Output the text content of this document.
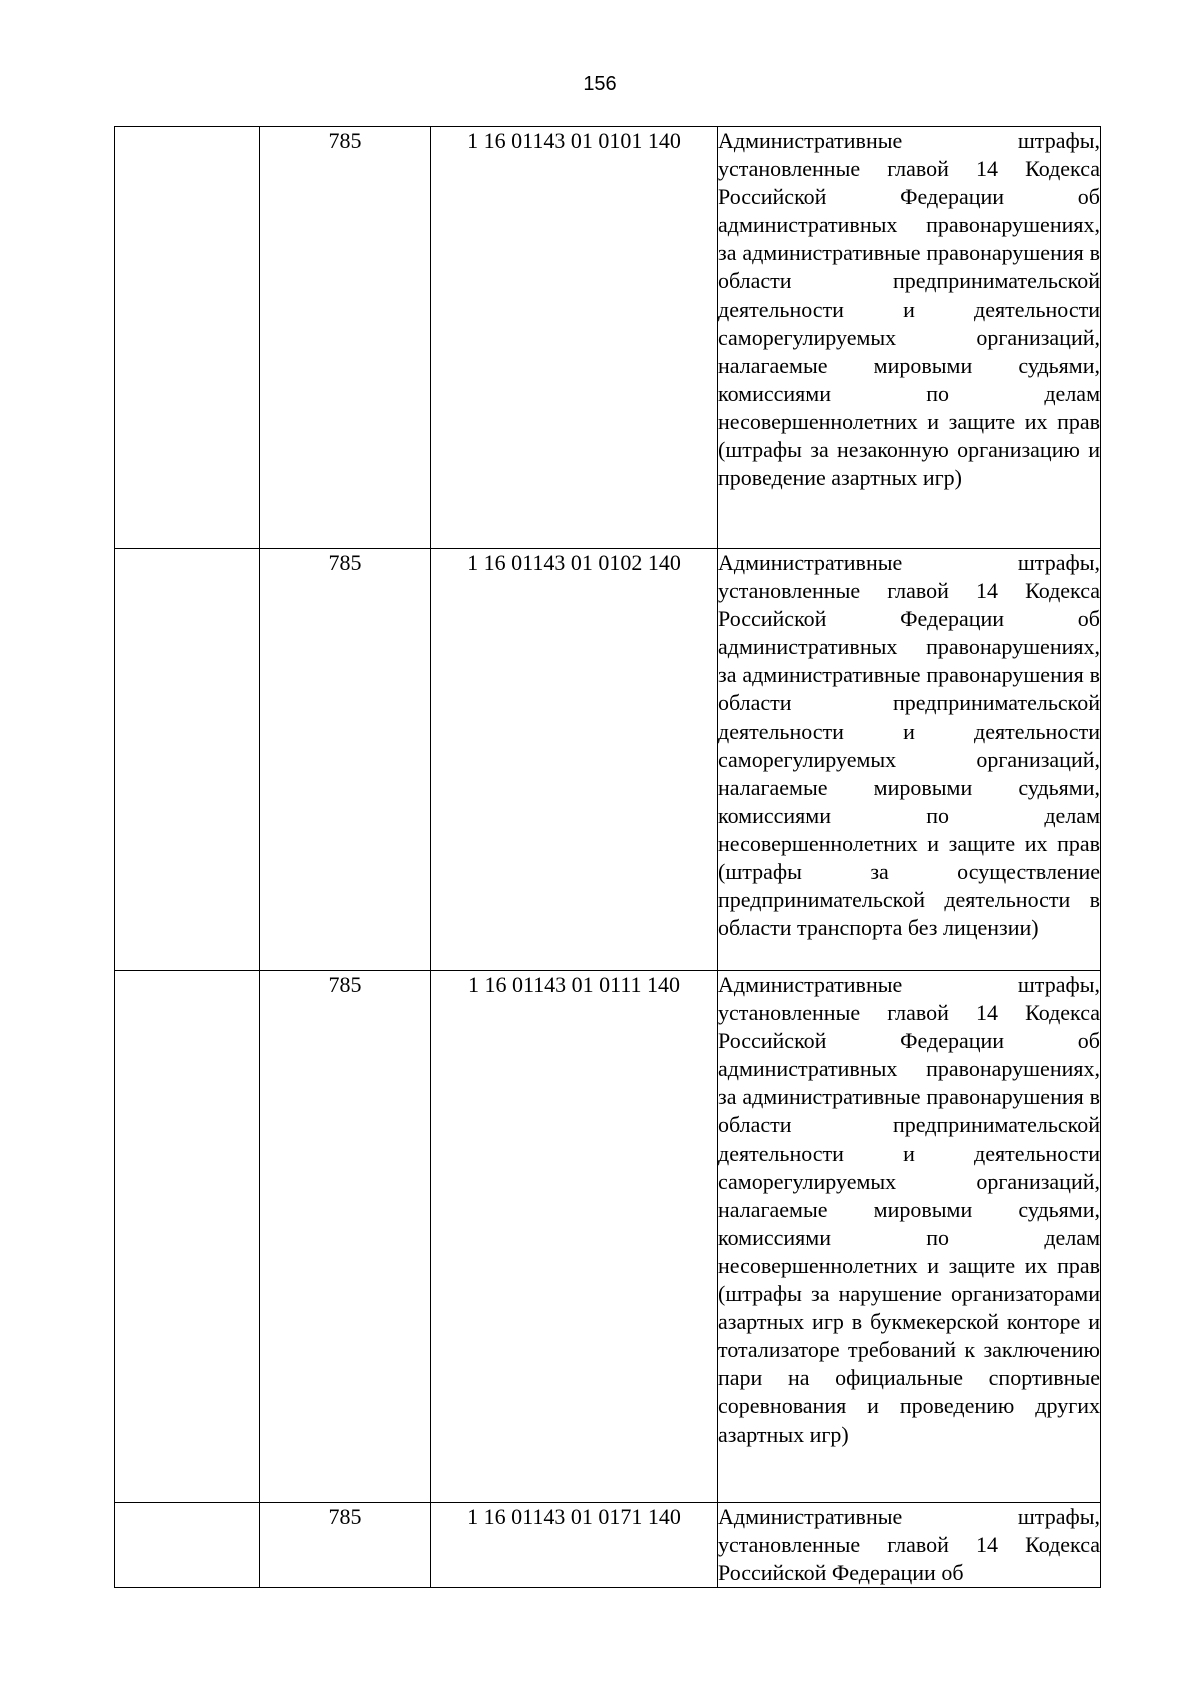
156
	785	1 16 01143 01 0101 140	Административные штрафы, установленные главой 14 Кодекса Российской Федерации об административных правонарушениях, за административные правонарушения в области предпринимательской деятельности и деятельности саморегулируемых организаций, налагаемые мировыми судьями, комиссиями по делам несовершеннолетних и защите их прав (штрафы за незаконную организацию и проведение азартных игр)

	785	1 16 01143 01 0102 140	Административные штрафы, установленные главой 14 Кодекса Российской Федерации об административных правонарушениях, за административные правонарушения в области предпринимательской деятельности и деятельности саморегулируемых организаций, налагаемые мировыми судьями, комиссиями по делам несовершеннолетних и защите их прав (штрафы за осуществление предпринимательской деятельности в области транспорта без лицензии)

	785	1 16 01143 01 0111 140	Административные штрафы, установленные главой 14 Кодекса Российской Федерации об административных правонарушениях, за административные правонарушения в области предпринимательской деятельности и деятельности саморегулируемых организаций, налагаемые мировыми судьями, комиссиями по делам несовершеннолетних и защите их прав (штрафы за нарушение организаторами азартных игр в букмекерской конторе и тотализаторе требований к заключению пари на официальные спортивные соревнования и проведению других азартных игр)

	785	1 16 01143 01 0171 140	Административные штрафы, установленные главой 14 Кодекса Российской Федерации об
